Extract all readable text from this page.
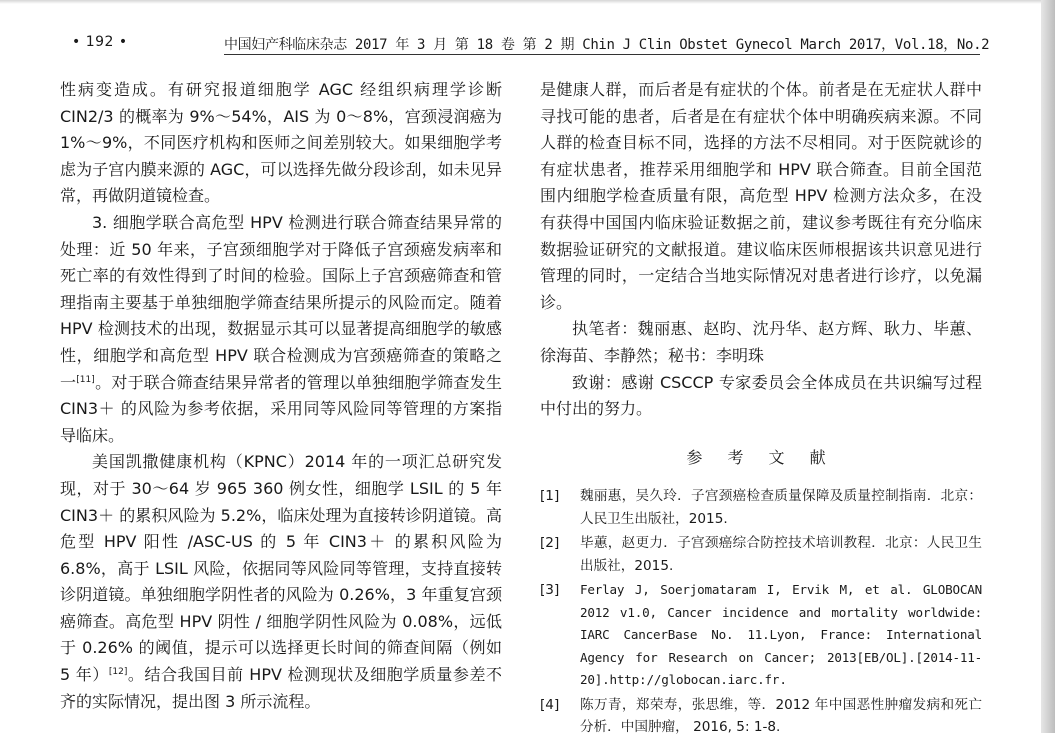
• 192 •	中国妇产科临床杂志 2017 年 3 月 第 18 卷 第 2 期 Chin J Clin Obstet Gynecol March 2017，Vol.18，No.2

性病变造成。有研究报道细胞学 AGC 经组织病理学诊断 CIN2/3 的概率为 9%～54%，AIS 为 0～8%，宫颈浸润癌为 1%～9%，不同医疗机构和医师之间差别较大。如果细胞学考虑为子宫内膜来源的 AGC，可以选择先做分段诊刮，如未见异常，再做阴道镜检查。

3. 细胞学联合高危型 HPV 检测进行联合筛查结果异常的处理：近 50 年来，子宫颈细胞学对于降低子宫颈癌发病率和死亡率的有效性得到了时间的检验。国际上子宫颈癌筛查和管理指南主要基于单独细胞学筛查结果所提示的风险而定。随着 HPV 检测技术的出现，数据显示其可以显著提高细胞学的敏感性，细胞学和高危型 HPV 联合检测成为宫颈癌筛查的策略之一[11]。对于联合筛查结果异常者的管理以单独细胞学筛查发生 CIN3＋ 的风险为参考依据，采用同等风险同等管理的方案指导临床。

美国凯撒健康机构（KPNC）2014 年的一项汇总研究发现，对于 30～64 岁 965 360 例女性，细胞学 LSIL 的 5 年 CIN3＋ 的累积风险为 5.2%，临床处理为直接转诊阴道镜。高危型 HPV 阳性 /ASC-US 的 5 年 CIN3＋ 的累积风险为 6.8%，高于 LSIL 风险，依据同等风险同等管理，支持直接转诊阴道镜。单独细胞学阴性者的风险为 0.26%，3 年重复宫颈癌筛查。高危型 HPV 阴性 / 细胞学阴性风险为 0.08%，远低于 0.26% 的阈值，提示可以选择更长时间的筛查间隔（例如 5 年）[12]。结合我国目前 HPV 检测现状及细胞学质量参差不齐的实际情况，提出图 3 所示流程。

是健康人群，而后者是有症状的个体。前者是在无症状人群中寻找可能的患者，后者是在有症状个体中明确疾病来源。不同人群的检查目标不同，选择的方法不尽相同。对于医院就诊的有症状患者，推荐采用细胞学和 HPV 联合筛查。目前全国范围内细胞学检查质量有限，高危型 HPV 检测方法众多，在没有获得中国国内临床验证数据之前，建议参考既往有充分临床数据验证研究的文献报道。建议临床医师根据该共识意见进行管理的同时，一定结合当地实际情况对患者进行诊疗，以免漏诊。

执笔者：魏丽惠、赵昀、沈丹华、赵方辉、耿力、毕蕙、徐海苗、李静然；秘书：李明珠

致谢：感谢 CSCCP 专家委员会全体成员在共识编写过程中付出的努力。

参 考 文 献
[1]	魏丽惠，吴久玲．子宫颈癌检查质量保障及质量控制指南．北京：人民卫生出版社，2015.
[2]	毕蕙，赵更力．子宫颈癌综合防控技术培训教程．北京：人民卫生出版社，2015.
[3]	Ferlay J, Soerjomataram I, Ervik M, et al. GLOBOCAN 2012 v1.0, Cancer incidence and mortality worldwide: IARC CancerBase No. 11.Lyon, France: International Agency for Research on Cancer; 2013[EB/OL].[2014-11-20].http://globocan.iarc.fr.
[4]	陈万青，郑荣寿，张思维，等．2012 年中国恶性肿瘤发病和死亡分析．中国肿瘤， 2016, 5: 1-8.
